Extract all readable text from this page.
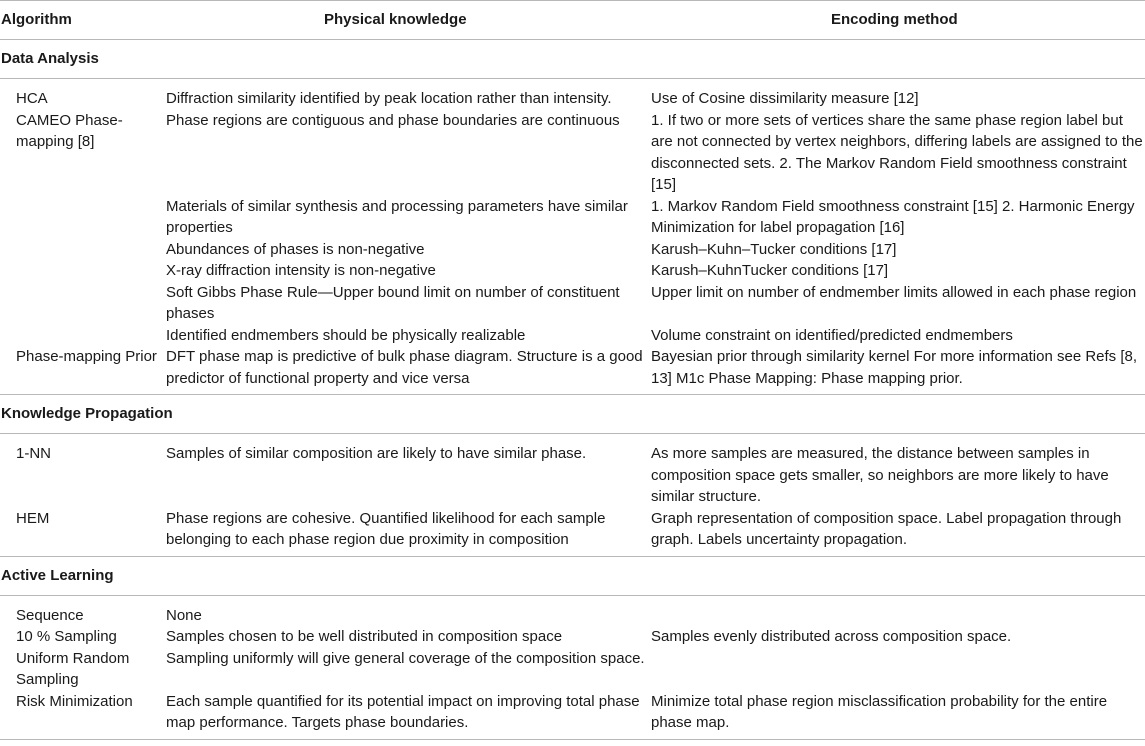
Algorithm	Physical knowledge	Encoding method
Data Analysis		
HCA	Diffraction similarity identified by peak location rather than intensity.	Use of Cosine dissimilarity measure [12]
CAMEO Phase-mapping [8]	Phase regions are contiguous and phase boundaries are continuous	1. If two or more sets of vertices share the same phase region label but are not connected by vertex neighbors, differing labels are assigned to the disconnected sets. 2. The Markov Random Field smoothness constraint [15]
	Materials of similar synthesis and processing parameters have similar properties	1. Markov Random Field smoothness constraint [15] 2. Harmonic Energy Minimization for label propagation [16]
	Abundances of phases is non-negative	Karush–Kuhn–Tucker conditions [17]
	X-ray diffraction intensity is non-negative	Karush–KuhnTucker conditions [17]
	Soft Gibbs Phase Rule—Upper bound limit on number of constituent phases	Upper limit on number of endmember limits allowed in each phase region
	Identified endmembers should be physically realizable	Volume constraint on identified/predicted endmembers
Phase-mapping Prior	DFT phase map is predictive of bulk phase diagram. Structure is a good predictor of functional property and vice versa	Bayesian prior through similarity kernel For more information see Refs [8, 13] M1c Phase Mapping: Phase mapping prior.
Knowledge Propagation		
1-NN	Samples of similar composition are likely to have similar phase.	As more samples are measured, the distance between samples in composition space gets smaller, so neighbors are more likely to have similar structure.
HEM	Phase regions are cohesive. Quantified likelihood for each sample belonging to each phase region due proximity in composition	Graph representation of composition space. Label propagation through graph. Labels uncertainty propagation.
Active Learning		
Sequence	None	
10 % Sampling	Samples chosen to be well distributed in composition space	Samples evenly distributed across composition space.
Uniform Random Sampling	Sampling uniformly will give general coverage of the composition space.	
Risk Minimization	Each sample quantified for its potential impact on improving total phase map performance. Targets phase boundaries.	Minimize total phase region misclassification probability for the entire phase map.
